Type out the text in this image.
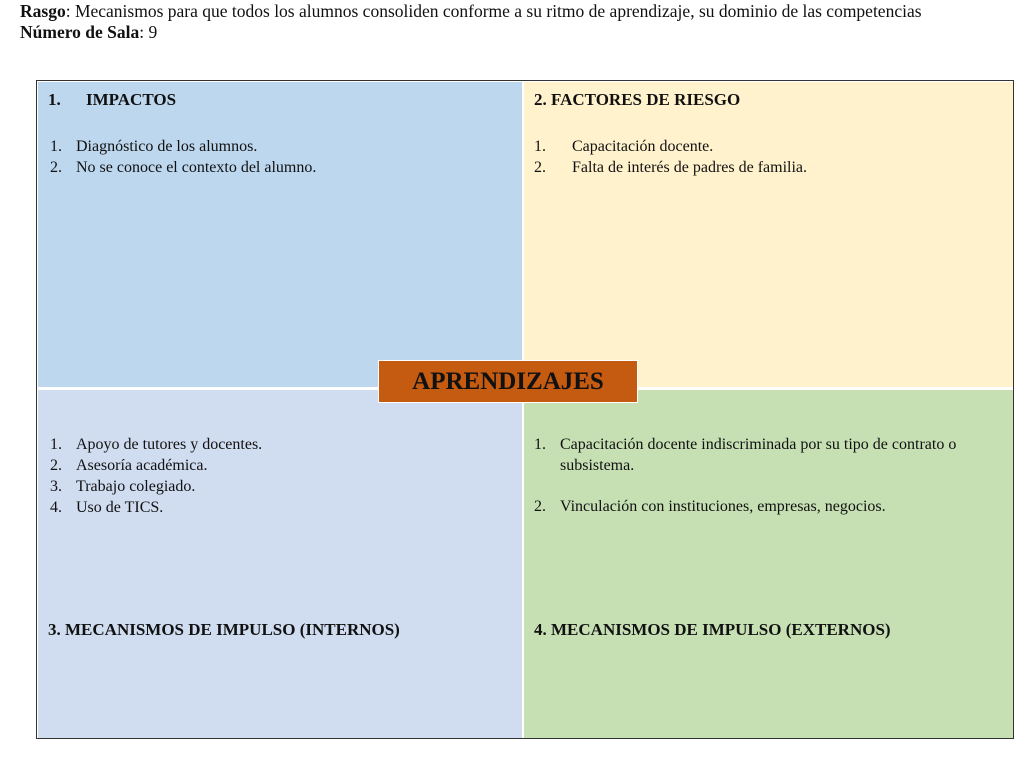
Rasgo: Mecanismos para que todos los alumnos consoliden conforme a su ritmo de aprendizaje, su dominio de las competencias
Número de Sala: 9
1. IMPACTOS
1. Diagnóstico de los alumnos.
2. No se conoce el contexto del alumno.
2. FACTORES DE RIESGO
1. Capacitación docente.
2. Falta de interés de padres de familia.
1. Apoyo de tutores y docentes.
2. Asesoría académica.
3. Trabajo colegiado.
4. Uso de TICS.
3. MECANISMOS DE IMPULSO (INTERNOS)
1. Capacitación docente indiscriminada por su tipo de contrato o subsistema.
2. Vinculación con instituciones, empresas, negocios.
4. MECANISMOS DE IMPULSO (EXTERNOS)
APRENDIZAJES
